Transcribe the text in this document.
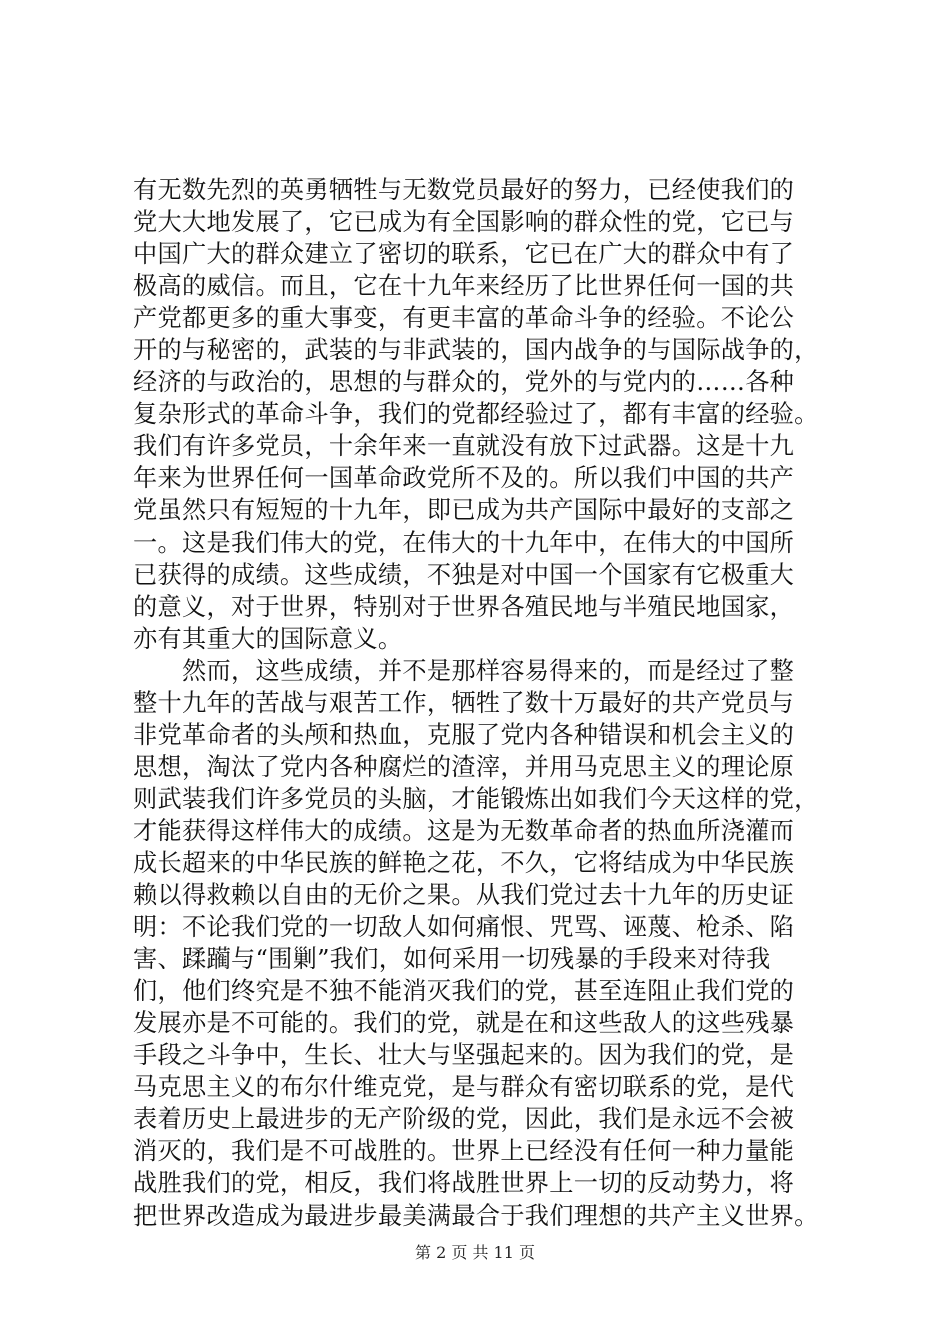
有无数先烈的英勇牺牲与无数党员最好的努力，已经使我们的
党大大地发展了，它已成为有全国影响的群众性的党，它已与
中国广大的群众建立了密切的联系，它已在广大的群众中有了
极高的威信。而且，它在十九年来经历了比世界任何一国的共
产党都更多的重大事变，有更丰富的革命斗争的经验。不论公
开的与秘密的，武装的与非武装的，国内战争的与国际战争的，
经济的与政治的，思想的与群众的，党外的与党内的……各种
复杂形式的革命斗争，我们的党都经验过了，都有丰富的经验。
我们有许多党员，十余年来一直就没有放下过武器。这是十九
年来为世界任何一国革命政党所不及的。所以我们中国的共产
党虽然只有短短的十九年，即已成为共产国际中最好的支部之
一。这是我们伟大的党，在伟大的十九年中，在伟大的中国所
已获得的成绩。这些成绩，不独是对中国一个国家有它极重大
的意义，对于世界，特别对于世界各殖民地与半殖民地国家，
亦有其重大的国际意义。
　　然而，这些成绩，并不是那样容易得来的，而是经过了整
整十九年的苦战与艰苦工作，牺牲了数十万最好的共产党员与
非党革命者的头颅和热血，克服了党内各种错误和机会主义的
思想，淘汰了党内各种腐烂的渣滓，并用马克思主义的理论原
则武装我们许多党员的头脑，才能锻炼出如我们今天这样的党，
才能获得这样伟大的成绩。这是为无数革命者的热血所浇灌而
成长超来的中华民族的鲜艳之花，不久，它将结成为中华民族
赖以得救赖以自由的无价之果。从我们党过去十九年的历史证
明：不论我们党的一切敌人如何痛恨、咒骂、诬蔑、枪杀、陷
害、蹂躏与“围剿”我们，如何采用一切残暴的手段来对待我
们，他们终究是不独不能消灭我们的党，甚至连阻止我们党的
发展亦是不可能的。我们的党，就是在和这些敌人的这些残暴
手段之斗争中，生长、壮大与坚强起来的。因为我们的党，是
马克思主义的布尔什维克党，是与群众有密切联系的党，是代
表着历史上最进步的无产阶级的党，因此，我们是永远不会被
消灭的，我们是不可战胜的。世界上已经没有任何一种力量能
战胜我们的党，相反，我们将战胜世界上一切的反动势力，将
把世界改造成为最进步最美满最合于我们理想的共产主义世界。
第 2 页 共 11 页
